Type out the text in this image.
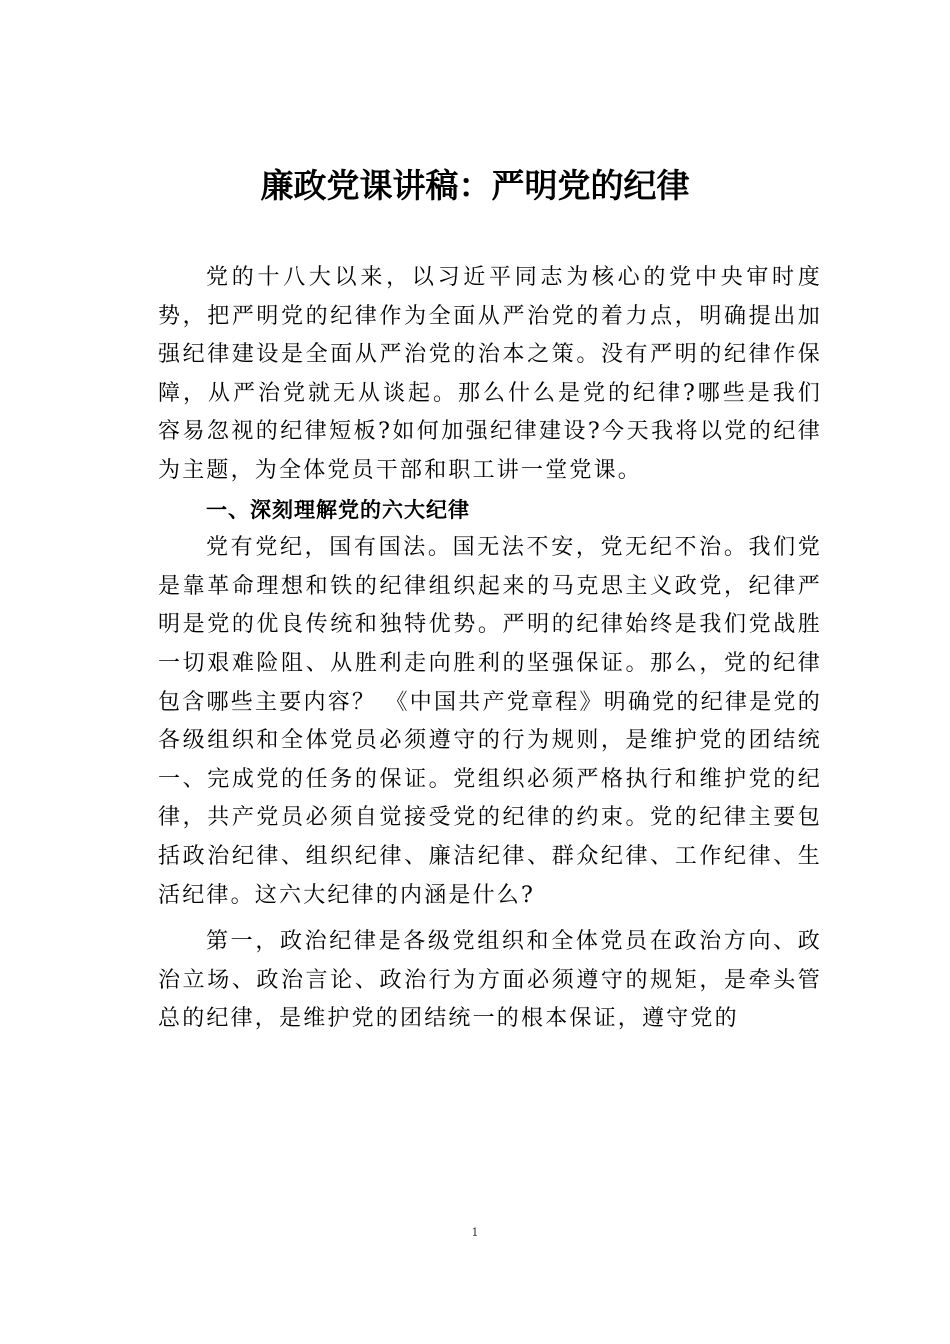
廉政党课讲稿：严明党的纪律

党的十八大以来，以习近平同志为核心的党中央审时度势，把严明党的纪律作为全面从严治党的着力点，明确提出加强纪律建设是全面从严治党的治本之策。没有严明的纪律作保障，从严治党就无从谈起。那么什么是党的纪律?哪些是我们容易忽视的纪律短板?如何加强纪律建设?今天我将以党的纪律为主题，为全体党员干部和职工讲一堂党课。

一、深刻理解党的六大纪律

党有党纪，国有国法。国无法不安，党无纪不治。我们党是靠革命理想和铁的纪律组织起来的马克思主义政党，纪律严明是党的优良传统和独特优势。严明的纪律始终是我们党战胜一切艰难险阻、从胜利走向胜利的坚强保证。那么，党的纪律包含哪些主要内容？ 《中国共产党章程》明确党的纪律是党的各级组织和全体党员必须遵守的行为规则，是维护党的团结统一、完成党的任务的保证。党组织必须严格执行和维护党的纪律，共产党员必须自觉接受党的纪律的约束。党的纪律主要包括政治纪律、组织纪律、廉洁纪律、群众纪律、工作纪律、生活纪律。这六大纪律的内涵是什么?

第一，政治纪律是各级党组织和全体党员在政治方向、政治立场、政治言论、政治行为方面必须遵守的规矩，是牵头管总的纪律，是维护党的团结统一的根本保证，遵守党的

1
